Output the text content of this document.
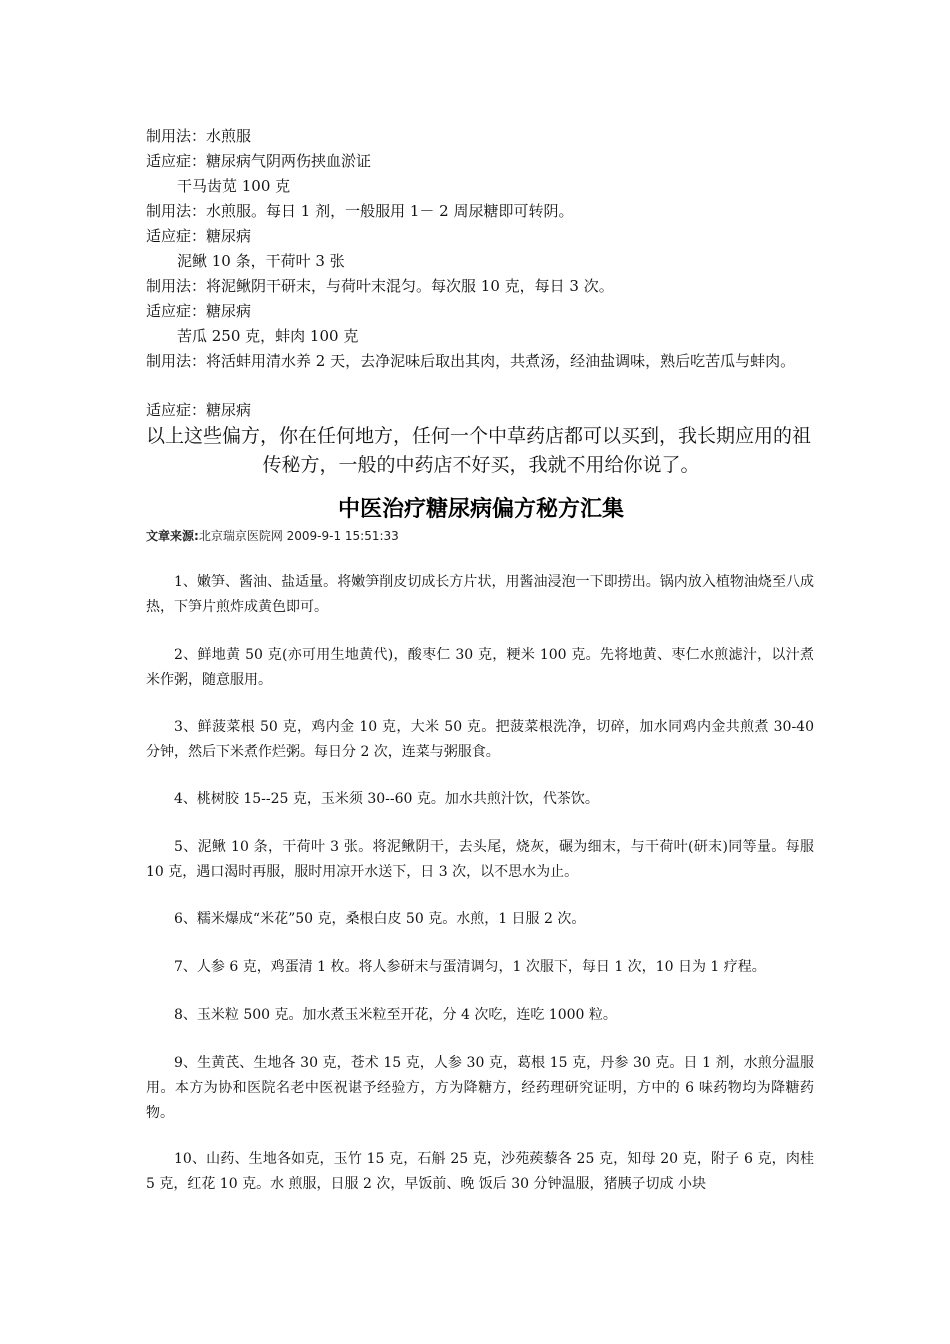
制用法：水煎服
适应症：糖尿病气阴两伤挟血淤证
干马齿苋 100 克
制用法：水煎服。每日 1 剂，一般服用 1－ 2 周尿糖即可转阴。
适应症：糖尿病
泥鳅 10 条，干荷叶 3 张
制用法：将泥鳅阴干研末，与荷叶末混匀。每次服 10 克，每日 3 次。
适应症：糖尿病
苦瓜 250 克，蚌肉 100 克
制用法：将活蚌用清水养 2 天，去净泥味后取出其肉，共煮汤，经油盐调味，熟后吃苦瓜与蚌肉。
适应症：糖尿病
以上这些偏方，你在任何地方，任何一个中草药店都可以买到，我长期应用的祖
传秘方，一般的中药店不好买，我就不用给你说了。
中医治疗糖尿病偏方秘方汇集
文章来源:北京瑞京医院网 2009-9-1 15:51:33
1、嫩笋、酱油、盐适量。将嫩笋削皮切成长方片状，用酱油浸泡一下即捞出。锅内放入植物油烧至八成热，下笋片煎炸成黄色即可。
2、鲜地黄 50 克(亦可用生地黄代)，酸枣仁 30 克，粳米 100 克。先将地黄、枣仁水煎滤汁，以汁煮米作粥，随意服用。
3、鲜菠菜根 50 克，鸡内金 10 克，大米 50 克。把菠菜根洗净，切碎，加水同鸡内金共煎煮 30-40 分钟，然后下米煮作烂粥。每日分 2 次，连菜与粥服食。
4、桃树胶 15--25 克，玉米须 30--60 克。加水共煎汁饮，代茶饮。
5、泥鳅 10 条，干荷叶 3 张。将泥鳅阴干，去头尾，烧灰，碾为细末，与干荷叶(研末)同等量。每服 10 克，遇口渴时再服，服时用凉开水送下，日 3 次，以不思水为止。
6、糯米爆成“米花”50 克，桑根白皮 50 克。水煎，1 日服 2 次。
7、人参 6 克，鸡蛋清 1 枚。将人参研末与蛋清调匀，1 次服下，每日 1 次，10 日为 1 疗程。
8、玉米粒 500 克。加水煮玉米粒至开花，分 4 次吃，连吃 1000 粒。
9、生黄芪、生地各 30 克，苍术 15 克，人参 30 克，葛根 15 克，丹参 30 克。日 1 剂，水煎分温服用。本方为协和医院名老中医祝谌予经验方，方为降糖方，经药理研究证明，方中的 6 味药物均为降糖药物。
10、山药、生地各如克，玉竹 15 克，石斛 25 克，沙苑蒺藜各 25 克，知母 20 克，附子 6 克，肉桂 5 克，红花 10 克。水 煎服，日服 2 次，早饭前、晚 饭后 30 分钟温服，猪胰子切成 小块
